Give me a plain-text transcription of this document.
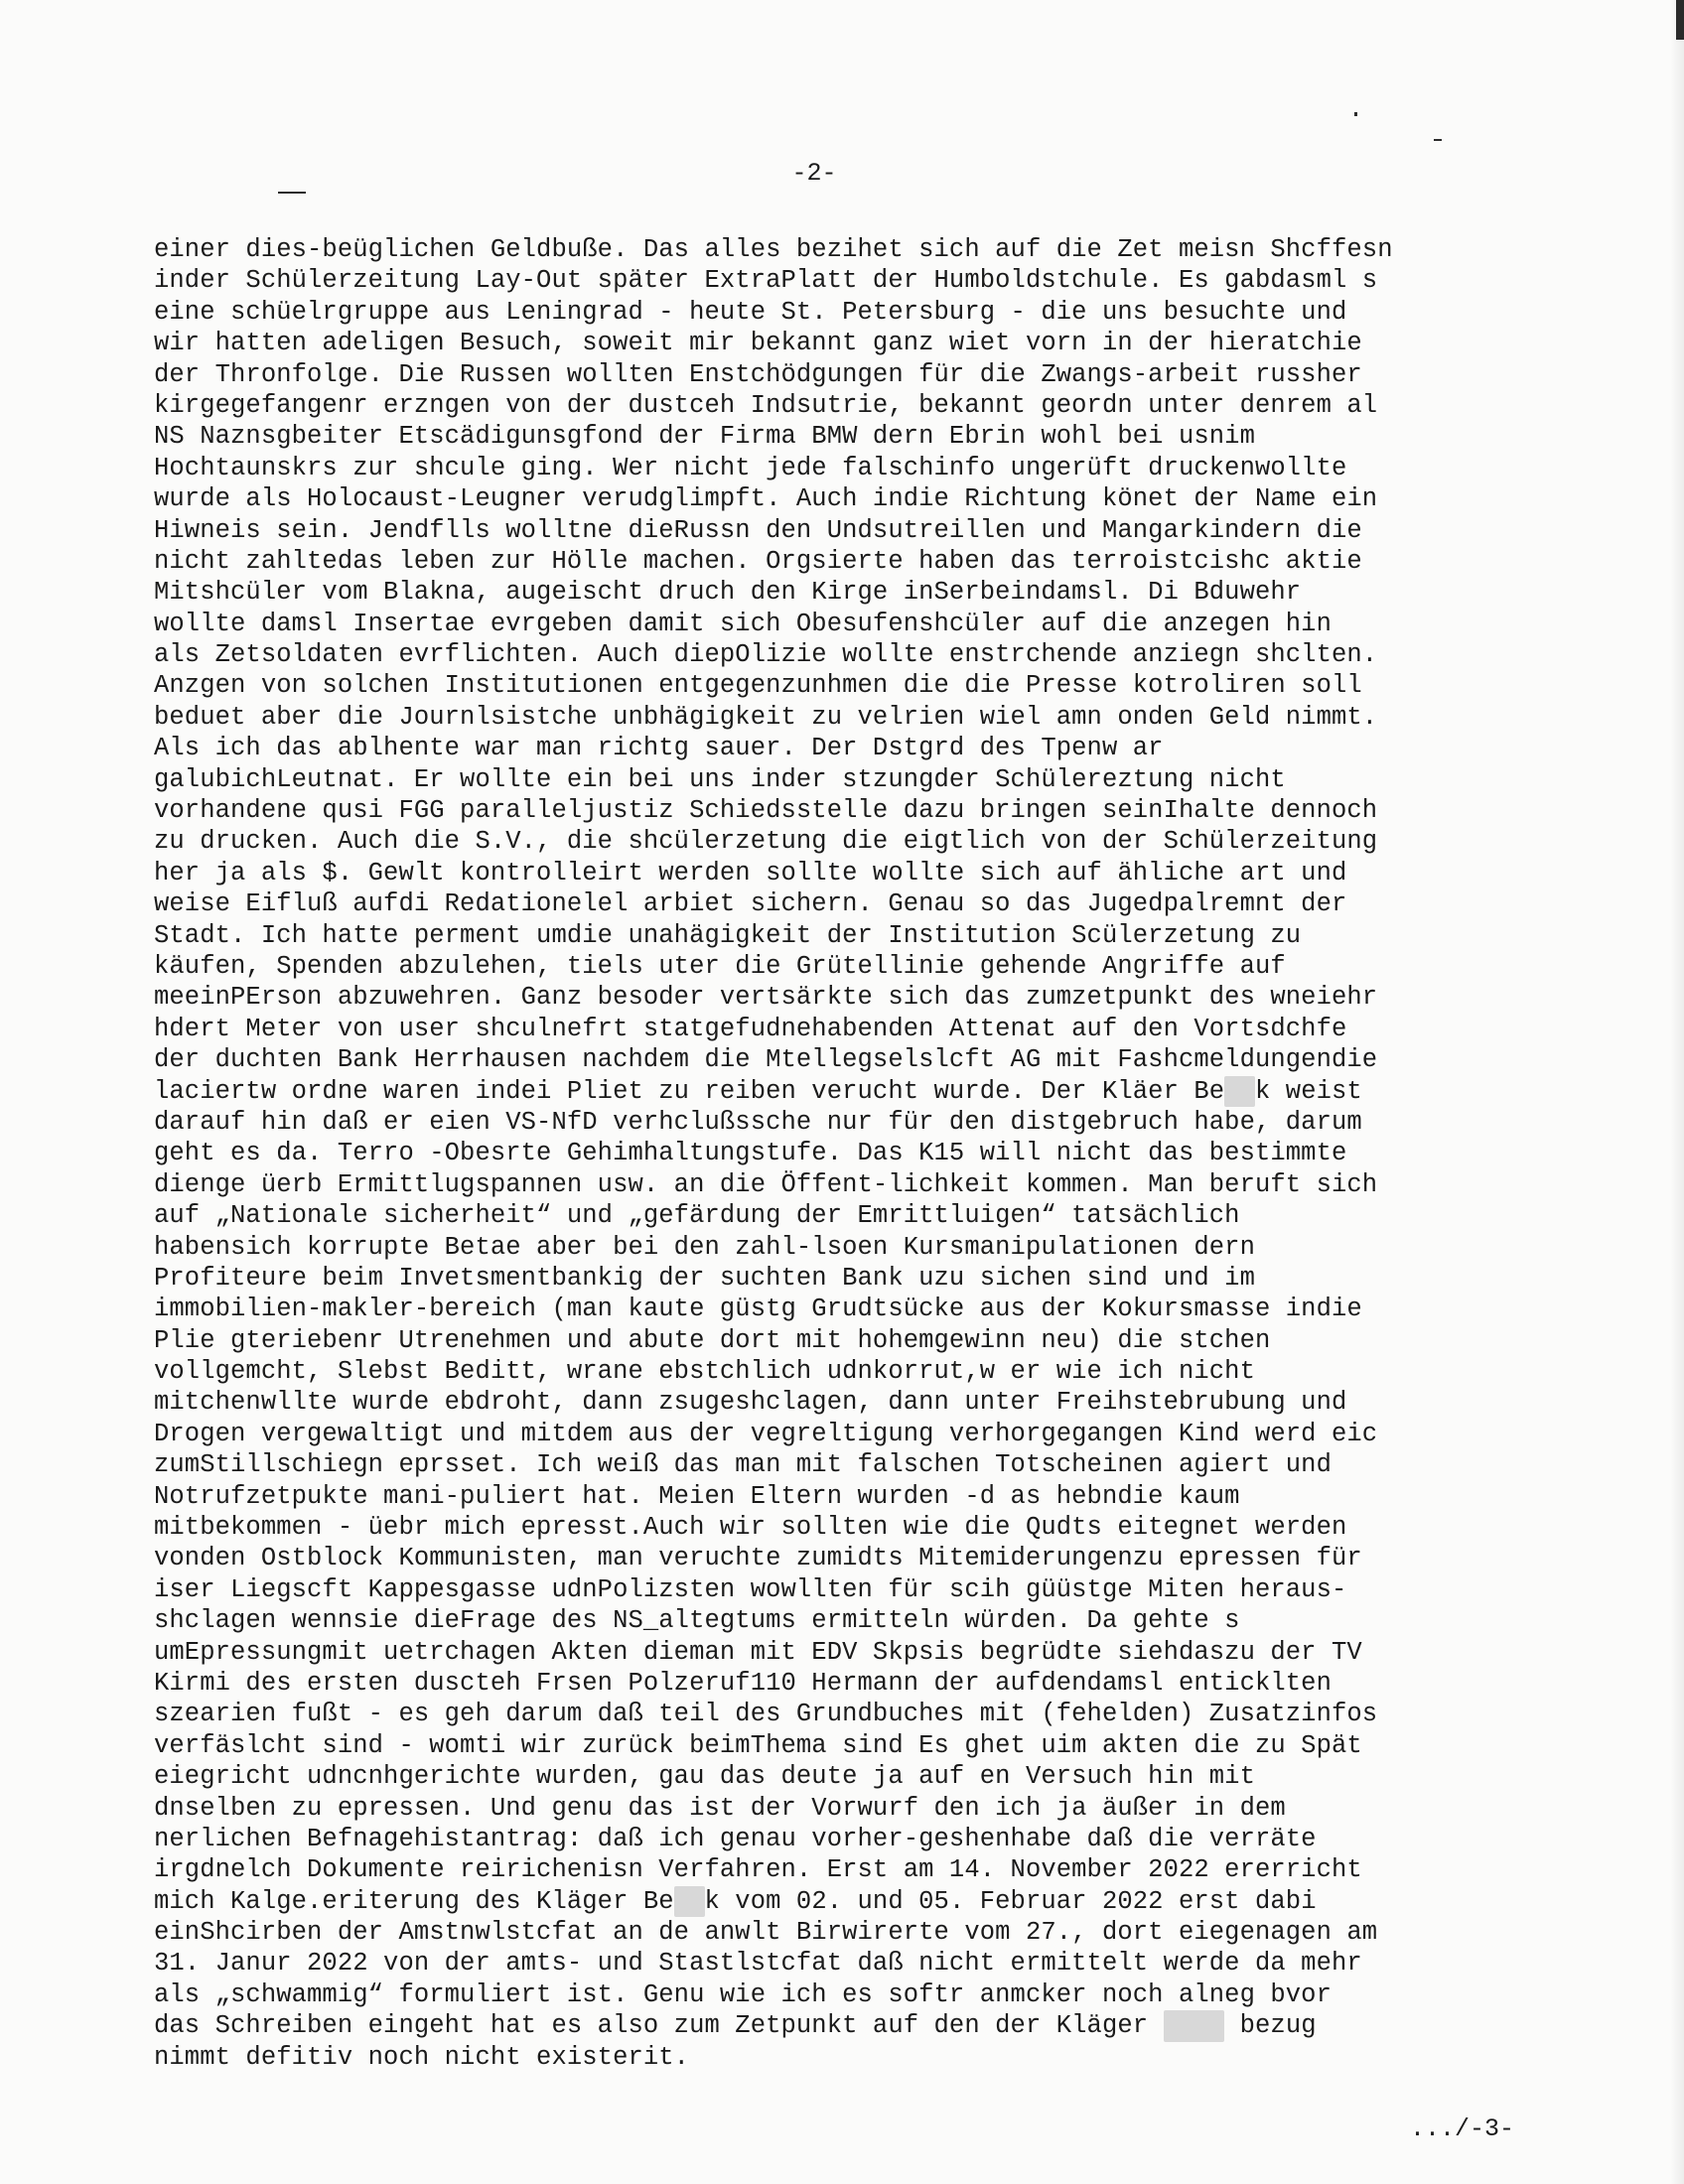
-2-
einer dies-beüglichen Geldbuße. Das alles bezihet sich auf die Zet meisn Shcffesn
inder Schülerzeitung Lay-Out später ExtraPlatt der Humboldstchule. Es gabdasml s
eine schüelrgruppe aus Leningrad - heute St. Petersburg - die uns besuchte und
wir hatten adeligen Besuch, soweit mir bekannt ganz wiet vorn in der hieratchie
der Thronfolge. Die Russen wollten Enstchödgungen für die Zwangs-arbeit russher
kirgegefangenr erzngen von der dustceh Indsutrie, bekannt geordn unter denrem al
NS Naznsgbeiter Etscädigunsgfond der Firma BMW dern Ebrin wohl bei usnim
Hochtaunskrs zur shcule ging. Wer nicht jede falschinfo ungerüft druckenwollte
wurde als Holocaust-Leugner verudglimpft. Auch indie Richtung könet der Name ein
Hiwneis sein. Jendflls wolltne dieRussn den Undsutreillen und Mangarkindern die
nicht zahltedas leben zur Hölle machen. Orgsierte haben das terroistcishc aktie
Mitshcüler vom Blakna, augeischt druch den Kirge inSerbeindamsl. Di Bduwehr
wollte damsl Insertae evrgeben damit sich Obesufenshcüler auf die anzegen hin
als Zetsoldaten evrflichten. Auch diepOlizie wollte enstrchende anziegn shclten.
Anzgen von solchen Institutionen entgegenzunhmen die die Presse kotroliren soll
beduet aber die Journlsistche unbhägigkeit zu velrien wiel amn onden Geld nimmt.
Als ich das ablhente war man richtg sauer. Der Dstgrd des Tpenw ar
galubichLeutnat. Er wollte ein bei uns inder stzungder Schülereztung nicht
vorhandene qusi FGG paralleljustiz Schiedsstelle dazu bringen seinIhalte dennoch
zu drucken. Auch die S.V., die shcülerzetung die eigtlich von der Schülerzeitung
her ja als $. Gewlt kontrolleirt werden sollte wollte sich auf ähliche art und
weise Eifluß aufdi Redationelel arbiet sichern. Genau so das Jugedpalremnt der
Stadt. Ich hatte perment umdie unahägigkeit der Institution Scülerzetung zu
käufen, Spenden abzulehen, tiels uter die Grütellinie gehende Angriffe auf
meeinPErson abzuwehren. Ganz besoder vertsärkte sich das zumzetpunkt des wneiehr
hdert Meter von user shculnefrt statgefudnehabenden Attenat auf den Vortsdchfe
der duchten Bank Herrhausen nachdem die Mtellegselslcft AG mit Fashcmeldungendie
laciertw ordne waren indei Pliet zu reiben verucht wurde. Der Kläer Be k weist
darauf hin daß er eien VS-NfD verhclußssche nur für den distgebruch habe, darum
geht es da. Terro -Obesrte Gehimhaltungstufe. Das K15 will nicht das bestimmte
dienge üerb Ermittlugspannen usw. an die Öffent-lichkeit kommen. Man beruft sich
auf „Nationale sicherheit“ und „gefärdung der Emrittluigen“ tatsächlich
habensich korrupte Betae aber bei den zahl-lsoen Kursmanipulationen dern
Profiteure beim Invetsmentbankig der suchten Bank uzu sichen sind und im
immobilien-makler-bereich (man kaute güstg Grudtsücke aus der Kokursmasse indie
Plie gteriebenr Utrenehmen und abute dort mit hohemgewinn neu) die stchen
vollgemcht, Slebst Beditt, wrane ebstchlich udnkorrut,w er wie ich nicht
mitchenwllte wurde ebdroht, dann zsugeshclagen, dann unter Freihstebrubung und
Drogen vergewaltigt und mitdem aus der vegreltigung verhorgegangen Kind werd eic
zumStillschiegn eprsset. Ich weiß das man mit falschen Totscheinen agiert und
Notrufzetpukte mani-puliert hat. Meien Eltern wurden -d as hebndie kaum
mitbekommen - üebr mich epresst.Auch wir sollten wie die Qudts eitegnet werden
vonden Ostblock Kommunisten, man veruchte zumidts Mitemiderungenzu epressen für
iser Liegscft Kappesgasse udnPolizsten wowllten für scih güüstge Miten heraus-
shclagen wennsie dieFrage des NS_altegtums ermitteln würden. Da gehte s
umEpressungmit uetrchagen Akten dieman mit EDV Skpsis begrüdte siehdaszu der TV
Kirmi des ersten duscteh Frsen Polzeruf110 Hermann der aufdendamsl enticklten
szearien fußt - es geh darum daß teil des Grundbuches mit (fehelden) Zusatzinfos
verfäslcht sind - womti wir zurück beimThema sind Es ghet uim akten die zu Spät
eiegricht udncnhgerichte wurden, gau das deute ja auf en Versuch hin mit
dnselben zu epressen. Und genu das ist der Vorwurf den ich ja äußer in dem
nerlichen Befnagehistantrag: daß ich genau vorher-geshenhabe daß die verräte
irgdnelch Dokumente reirichenisn Verfahren. Erst am 14. November 2022 ererricht
mich Kalge.eriterung des Kläger Be k vom 02. und 05. Februar 2022 erst dabi
einShcirben der Amstnwlstcfat an de anwlt Birwirerte vom 27., dort eiegenagen am
31. Janur 2022 von der amts- und Stastlstcfat daß nicht ermittelt werde da mehr
als „schwammig“ formuliert ist. Genu wie ich es softr anmcker noch alneg bvor
das Schreiben eingeht hat es also zum Zetpunkt auf den der Kläger  bezug
nimmt defitiv noch nicht existerit.

.../-3-
